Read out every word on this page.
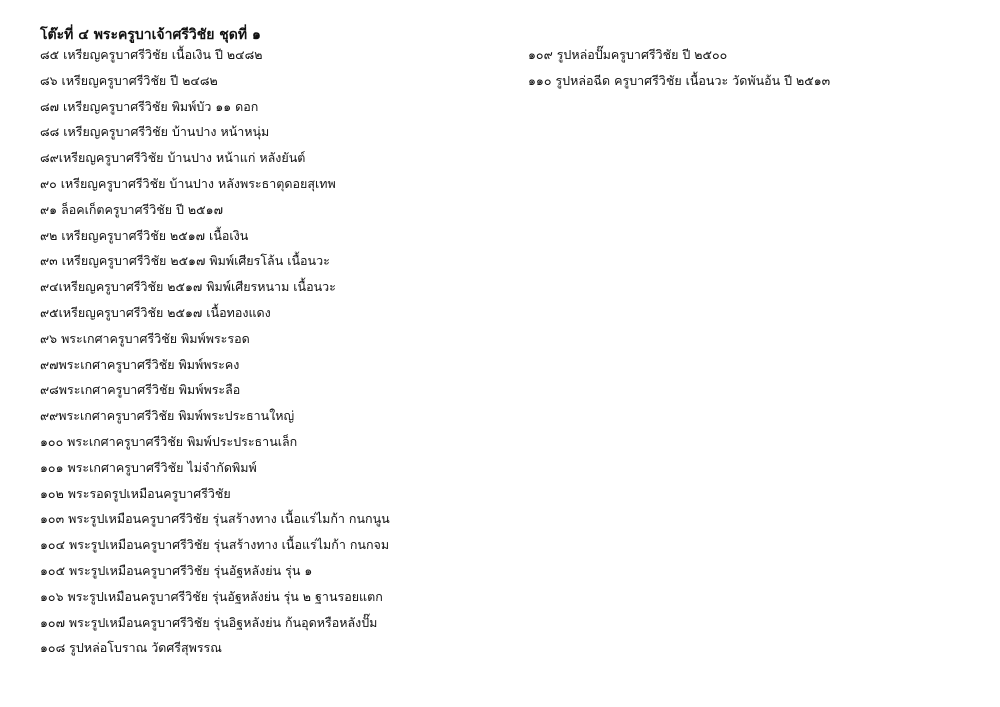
โต๊ะที่ ๔ พระครูบาเจ้าศรีวิชัย ชุดที่ ๑
๘๕ เหรียญครูบาศรีวิชัย เนื้อเงิน ปี ๒๔๘๒
๘๖ เหรียญครูบาศรีวิชัย ปี ๒๔๘๒
๘๗ เหรียญครูบาศรีวิชัย พิมพ์บัว ๑๑ ดอก
๘๘ เหรียญครูบาศรีวิชัย บ้านปาง หน้าหนุ่ม
๘๙เหรียญครูบาศรีวิชัย บ้านปาง หน้าแก่ หลังยันต์
๙๐ เหรียญครูบาศรีวิชัย บ้านปาง หลังพระธาตุดอยสุเทพ
๙๑ ล็อคเก็ตครูบาศรีวิชัย ปี ๒๕๑๗
๙๒ เหรียญครูบาศรีวิชัย ๒๕๑๗ เนื้อเงิน
๙๓ เหรียญครูบาศรีวิชัย ๒๕๑๗ พิมพ์เศียรโล้น เนื้อนวะ
๙๔เหรียญครูบาศรีวิชัย ๒๕๑๗ พิมพ์เศียรหนาม เนื้อนวะ
๙๕เหรียญครูบาศรีวิชัย ๒๕๑๗ เนื้อทองแดง
๙๖ พระเกศาครูบาศรีวิชัย พิมพ์พระรอด
๙๗พระเกศาครูบาศรีวิชัย พิมพ์พระคง
๙๘พระเกศาครูบาศรีวิชัย พิมพ์พระลือ
๙๙พระเกศาครูบาศรีวิชัย พิมพ์พระประธานใหญ่
๑๐๐ พระเกศาครูบาศรีวิชัย พิมพ์ประประธานเล็ก
๑๐๑ พระเกศาครูบาศรีวิชัย ไม่จำกัดพิมพ์
๑๐๒ พระรอดรูปเหมือนครูบาศรีวิชัย
๑๐๓ พระรูปเหมือนครูบาศรีวิชัย รุ่นสร้างทาง เนื้อแร่ไมก้า กนกนูน
๑๐๔ พระรูปเหมือนครูบาศรีวิชัย รุ่นสร้างทาง เนื้อแร่ไมก้า กนกจม
๑๐๕ พระรูปเหมือนครูบาศรีวิชัย รุ่นอัฐหลังย่น รุ่น ๑
๑๐๖ พระรูปเหมือนครูบาศรีวิชัย รุ่นอัฐหลังย่น รุ่น ๒ ฐานรอยแตก
๑๐๗ พระรูปเหมือนครูบาศรีวิชัย รุ่นอิฐหลังย่น ก้นอุดหรือหลังปั๊ม
๑๐๘ รูปหล่อโบราณ วัดศรีสุพรรณ
๑๐๙ รูปหล่อปั๊มครูบาศรีวิชัย ปี ๒๕๐๐
๑๑๐ รูปหล่อฉีด ครูบาศรีวิชัย เนื้อนวะ วัดพันอ้น ปี ๒๕๑๓
